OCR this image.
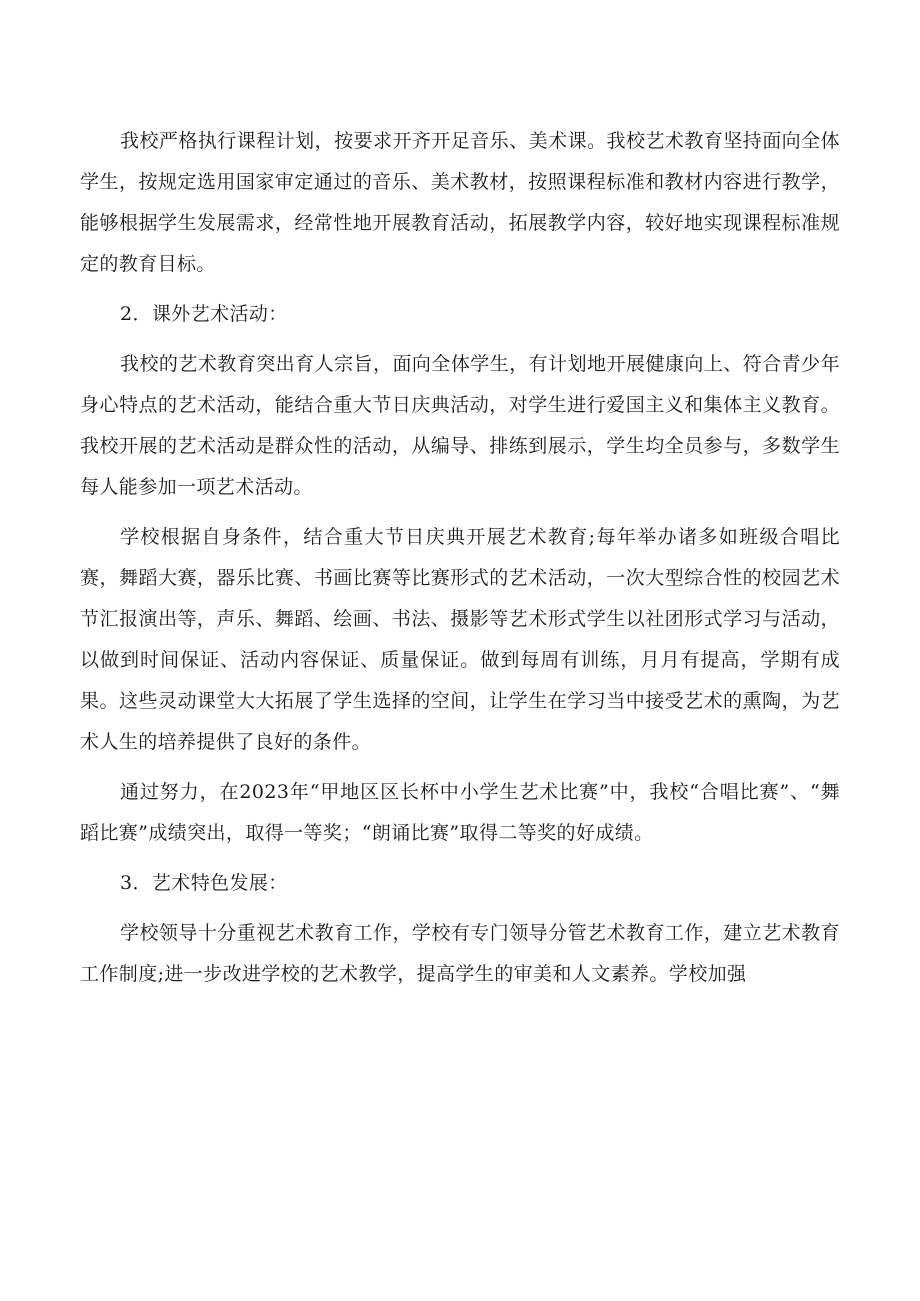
我校严格执行课程计划，按要求开齐开足音乐、美术课。我校艺术教育坚持面向全体学生，按规定选用国家审定通过的音乐、美术教材，按照课程标准和教材内容进行教学，能够根据学生发展需求，经常性地开展教育活动，拓展教学内容，较好地实现课程标准规定的教育目标。

2．课外艺术活动：

我校的艺术教育突出育人宗旨，面向全体学生，有计划地开展健康向上、符合青少年身心特点的艺术活动，能结合重大节日庆典活动，对学生进行爱国主义和集体主义教育。我校开展的艺术活动是群众性的活动，从编导、排练到展示，学生均全员参与，多数学生每人能参加一项艺术活动。

学校根据自身条件，结合重大节日庆典开展艺术教育;每年举办诸多如班级合唱比赛，舞蹈大赛，器乐比赛、书画比赛等比赛形式的艺术活动，一次大型综合性的校园艺术节汇报演出等，声乐、舞蹈、绘画、书法、摄影等艺术形式学生以社团形式学习与活动，以做到时间保证、活动内容保证、质量保证。做到每周有训练，月月有提高，学期有成果。这些灵动课堂大大拓展了学生选择的空间，让学生在学习当中接受艺术的熏陶，为艺术人生的培养提供了良好的条件。

通过努力，在2023年“甲地区区长杯中小学生艺术比赛”中，我校“合唱比赛”、“舞蹈比赛”成绩突出，取得一等奖；“朗诵比赛”取得二等奖的好成绩。

3．艺术特色发展：

学校领导十分重视艺术教育工作，学校有专门领导分管艺术教育工作，建立艺术教育工作制度;进一步改进学校的艺术教学，提高学生的审美和人文素养。学校加强
